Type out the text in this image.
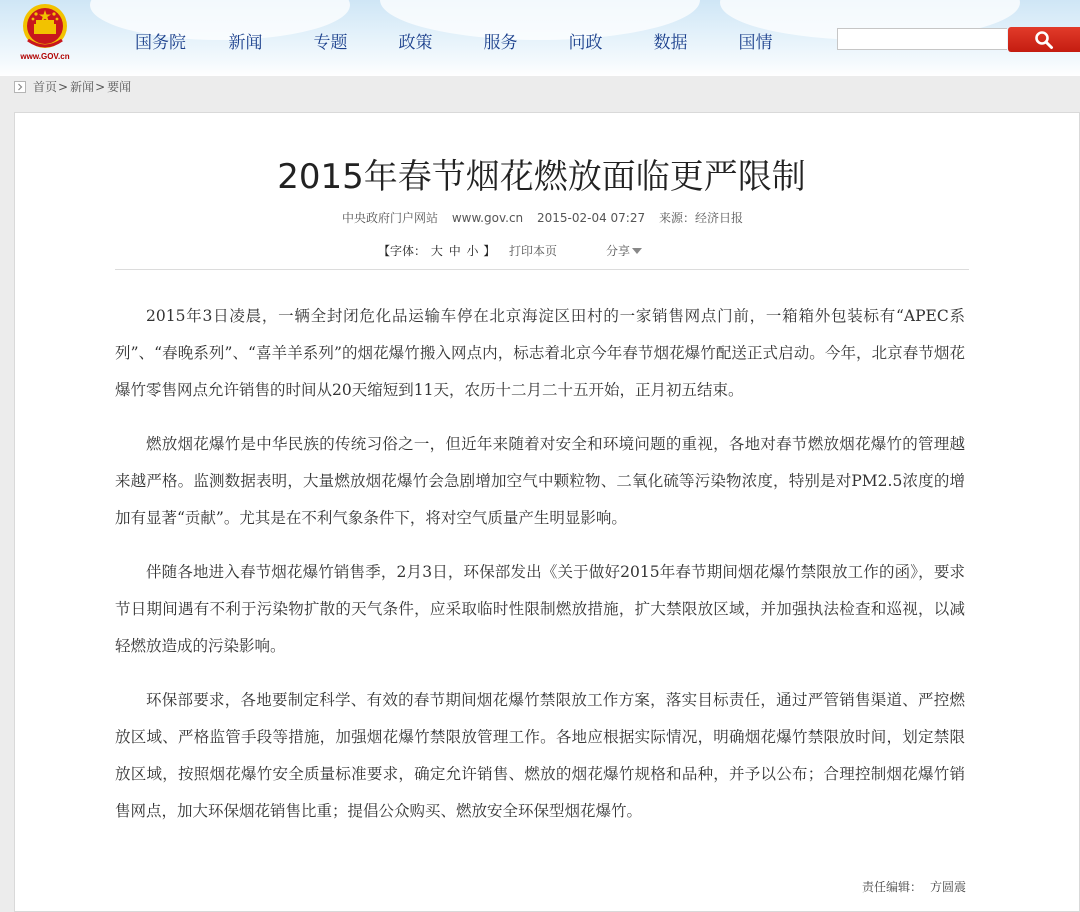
www.GOV.cn
国务院	新闻	专题	政策	服务	问政	数据	国情
首页 > 新闻 > 要闻
2015年春节烟花燃放面临更严限制
中央政府门户网站 www.gov.cn 2015-02-04 07:27 来源：经济日报
【字体： 大 中 小 】 打印本页	分享

2015年3日凌晨，一辆全封闭危化品运输车停在北京海淀区田村的一家销售网点门前，一箱箱外包装标有“APEC系列”、“春晚系列”、“喜羊羊系列”的烟花爆竹搬入网点内，标志着北京今年春节烟花爆竹配送正式启动。今年，北京春节烟花爆竹零售网点允许销售的时间从20天缩短到11天，农历十二月二十五开始，正月初五结束。

燃放烟花爆竹是中华民族的传统习俗之一，但近年来随着对安全和环境问题的重视，各地对春节燃放烟花爆竹的管理越来越严格。监测数据表明，大量燃放烟花爆竹会急剧增加空气中颗粒物、二氧化硫等污染物浓度，特别是对PM2.5浓度的增加有显著“贡献”。尤其是在不利气象条件下，将对空气质量产生明显影响。

伴随各地进入春节烟花爆竹销售季，2月3日，环保部发出《关于做好2015年春节期间烟花爆竹禁限放工作的函》，要求节日期间遇有不利于污染物扩散的天气条件，应采取临时性限制燃放措施，扩大禁限放区域，并加强执法检查和巡视，以减轻燃放造成的污染影响。

环保部要求，各地要制定科学、有效的春节期间烟花爆竹禁限放工作方案，落实目标责任，通过严管销售渠道、严控燃放区域、严格监管手段等措施，加强烟花爆竹禁限放管理工作。各地应根据实际情况，明确烟花爆竹禁限放时间，划定禁限放区域，按照烟花爆竹安全质量标准要求，确定允许销售、燃放的烟花爆竹规格和品种，并予以公布；合理控制烟花爆竹销售网点，加大环保烟花销售比重；提倡公众购买、燃放安全环保型烟花爆竹。

责任编辑： 方圆震
